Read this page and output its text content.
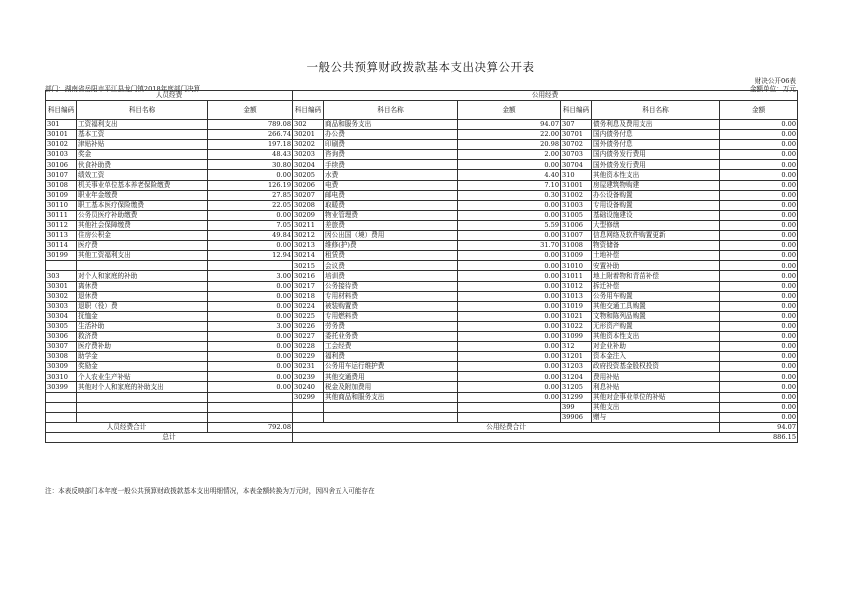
一般公共预算财政拨款基本支出决算公开表
财决公开06表
部门：湖南省岳阳市平江县龙门镇2018年度部门决算	金额单位：万元
人员经费			公用经费					
科目编码	科目名称	金额	科目编码	科目名称	金额	科目编码	科目名称	金额
301	工资福利支出	789.08	302	商品和服务支出	94.07	307	债务利息及费用支出	0.00
30101	基本工资	266.74	30201	办公费	22.00	30701	国内债务付息	0.00
30102	津贴补贴	197.18	30202	印刷费	20.98	30702	国外债务付息	0.00
30103	奖金	48.43	30203	咨询费	2.00	30703	国内债务发行费用	0.00
30106	伙食补助费	30.80	30204	手续费	0.00	30704	国外债务发行费用	0.00
30107	绩效工资	0.00	30205	水费	4.40	310	其他资本性支出	0.00
30108	机关事业单位基本养老保险缴费	126.19	30206	电费	7.10	31001	房屋建筑物购建	0.00
30109	职业年金缴费	27.85	30207	邮电费	0.30	31002	办公设备购置	0.00
30110	职工基本医疗保险缴费	22.05	30208	取暖费	0.00	31003	专用设备购置	0.00
30111	公务员医疗补助缴费	0.00	30209	物业管理费	0.00	31005	基础设施建设	0.00
30112	其他社会保障缴费	7.05	30211	差旅费	5.59	31006	大型修缮	0.00
30113	住房公积金	49.84	30212	因公出国（境）费用	0.00	31007	信息网络及软件购置更新	0.00
30114	医疗费	0.00	30213	维修(护)费	31.70	31008	物资储备	0.00
30199	其他工资福利支出	12.94	30214	租赁费	0.00	31009	土地补偿	0.00
			30215	会议费	0.00	31010	安置补助	0.00
303	对个人和家庭的补助	3.00	30216	培训费	0.00	31011	地上附着物和青苗补偿	0.00
30301	离休费	0.00	30217	公务接待费	0.00	31012	拆迁补偿	0.00
30302	退休费	0.00	30218	专用材料费	0.00	31013	公务用车购置	0.00
30303	退职（役）费	0.00	30224	被装购置费	0.00	31019	其他交通工具购置	0.00
30304	抚恤金	0.00	30225	专用燃料费	0.00	31021	文物和陈列品购置	0.00
30305	生活补助	3.00	30226	劳务费	0.00	31022	无形资产购置	0.00
30306	救济费	0.00	30227	委托业务费	0.00	31099	其他资本性支出	0.00
30307	医疗费补助	0.00	30228	工会经费	0.00	312	对企业补助	0.00
30308	助学金	0.00	30229	福利费	0.00	31201	资本金注入	0.00
30309	奖励金	0.00	30231	公务用车运行维护费	0.00	31203	政府投资基金股权投资	0.00
30310	个人农业生产补贴	0.00	30239	其他交通费用	0.00	31204	费用补贴	0.00
30399	其他对个人和家庭的补助支出	0.00	30240	税金及附加费用	0.00	31205	利息补贴	0.00
			30299	其他商品和服务支出	0.00	31299	其他对企事业单位的补贴	0.00
						399	其他支出	0.00
						39906	赠与	0.00
人员经费合计		792.08	公用经费合计					94.07
总计			886.15					
注：本表反映部门本年度一般公共预算财政拨款基本支出明细情况，本表金额转换为万元时，因四舍五入可能存在
